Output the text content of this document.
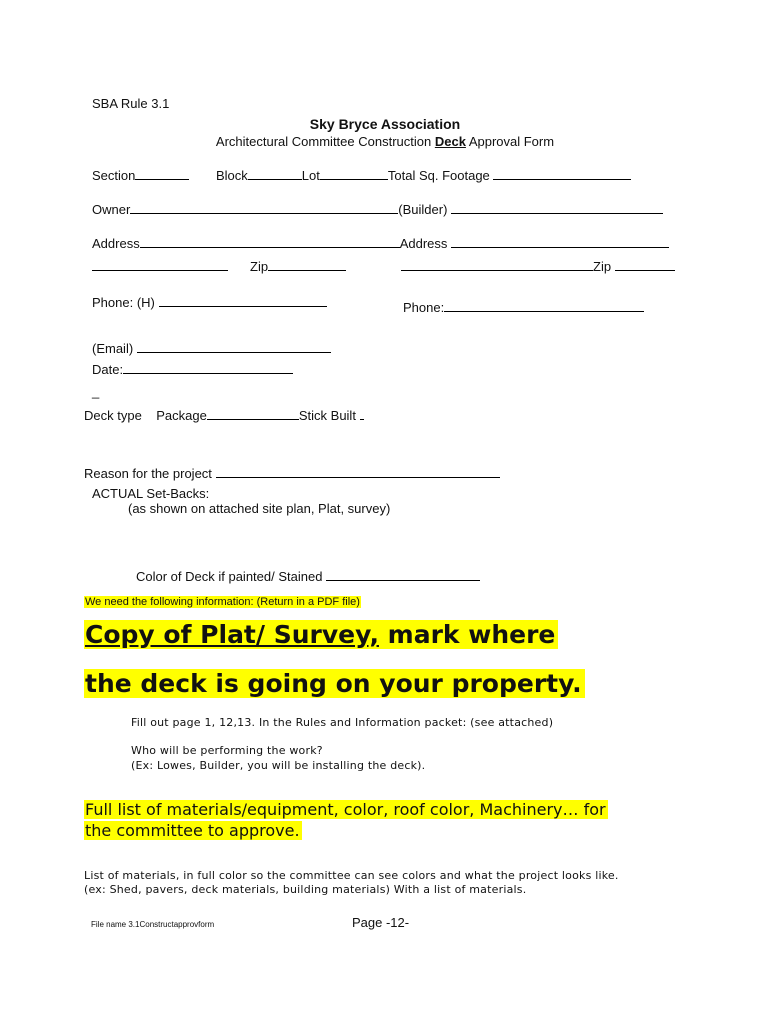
SBA Rule 3.1
Sky Bryce Association
Architectural Committee Construction Deck Approval Form
Section	Block	Lot	Total Sq. Footage
Owner	(Builder)
Address	Address
Zip	Zip
Phone: (H)	Phone:
(Email)
Date:
_
Deck type Package	Stick Built
Reason for the project
ACTUAL Set-Backs:
(as shown on attached site plan, Plat, survey)
Color of Deck if painted/ Stained
We need the following information: (Return in a PDF file)
Copy of Plat/ Survey, mark where
the deck is going on your property.
Fill out page 1, 12,13. In the Rules and Information packet: (see attached)
Who will be performing the work?
(Ex: Lowes, Builder, you will be installing the deck).
Full list of materials/equipment, color, roof color, Machinery… for
the committee to approve.
List of materials, in full color so the committee can see colors and what the project looks like.
(ex: Shed, pavers, deck materials, building materials) With a list of materials.
File name 3.1Constructapprovform	Page -12-
